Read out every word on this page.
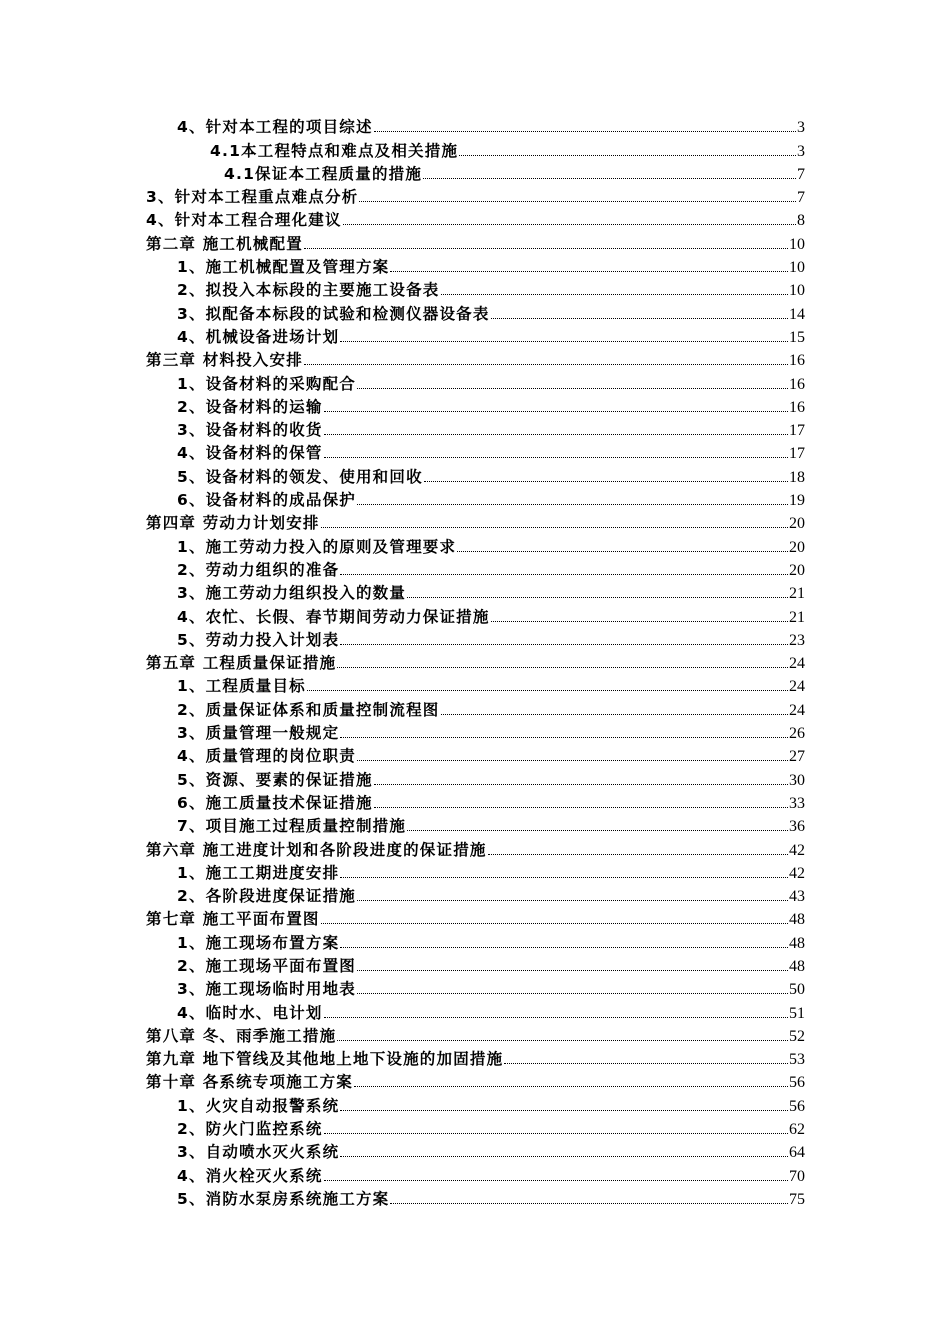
4、针对本工程的项目综述	3
4.1本工程特点和难点及相关措施	3
4.1保证本工程质量的措施	7
3、针对本工程重点难点分析	7
4、针对本工程合理化建议	8
第二章 施工机械配置	10
1、施工机械配置及管理方案	10
2、拟投入本标段的主要施工设备表	10
3、拟配备本标段的试验和检测仪器设备表	14
4、机械设备进场计划	15
第三章 材料投入安排	16
1、设备材料的采购配合	16
2、设备材料的运输	16
3、设备材料的收货	17
4、设备材料的保管	17
5、设备材料的领发、使用和回收	18
6、设备材料的成品保护	19
第四章 劳动力计划安排	20
1、施工劳动力投入的原则及管理要求	20
2、劳动力组织的准备	20
3、施工劳动力组织投入的数量	21
4、农忙、长假、春节期间劳动力保证措施	21
5、劳动力投入计划表	23
第五章 工程质量保证措施	24
1、工程质量目标	24
2、质量保证体系和质量控制流程图	24
3、质量管理一般规定	26
4、质量管理的岗位职责	27
5、资源、要素的保证措施	30
6、施工质量技术保证措施	33
7、项目施工过程质量控制措施	36
第六章 施工进度计划和各阶段进度的保证措施	42
1、施工工期进度安排	42
2、各阶段进度保证措施	43
第七章 施工平面布置图	48
1、施工现场布置方案	48
2、施工现场平面布置图	48
3、施工现场临时用地表	50
4、临时水、电计划	51
第八章 冬、雨季施工措施	52
第九章 地下管线及其他地上地下设施的加固措施	53
第十章 各系统专项施工方案	56
1、火灾自动报警系统	56
2、防火门监控系统	62
3、自动喷水灭火系统	64
4、消火栓灭火系统	70
5、消防水泵房系统施工方案	75
